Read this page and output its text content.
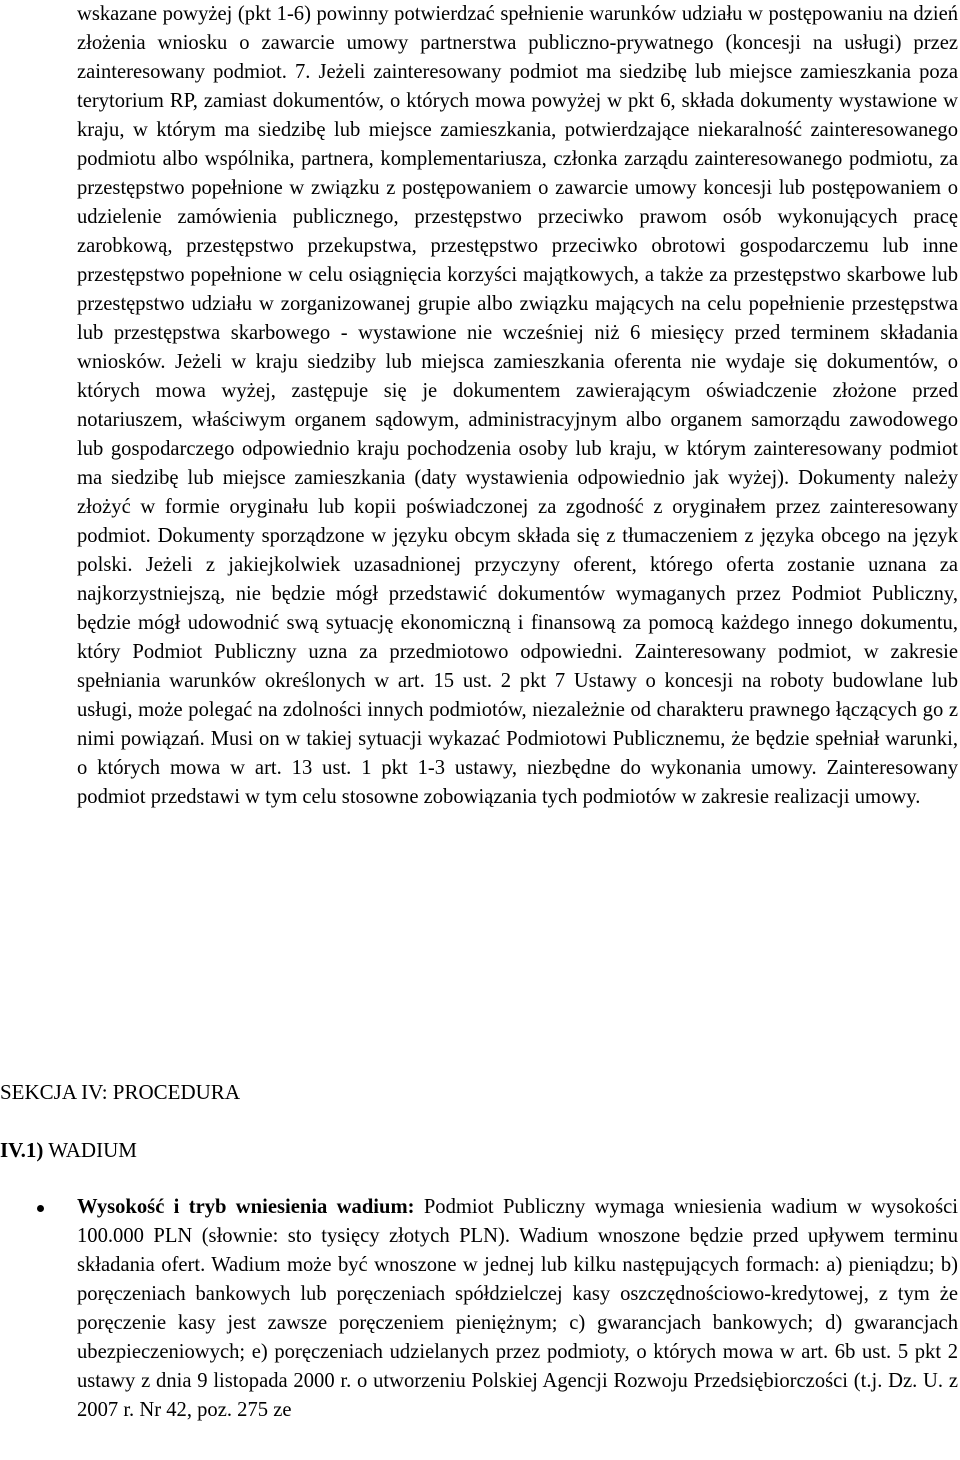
wskazane powyżej (pkt 1-6) powinny potwierdzać spełnienie warunków udziału w postępowaniu na dzień złożenia wniosku o zawarcie umowy partnerstwa publiczno-prywatnego (koncesji na usługi) przez zainteresowany podmiot. 7. Jeżeli zainteresowany podmiot ma siedzibę lub miejsce zamieszkania poza terytorium RP, zamiast dokumentów, o których mowa powyżej w pkt 6, składa dokumenty wystawione w kraju, w którym ma siedzibę lub miejsce zamieszkania, potwierdzające niekaralność zainteresowanego podmiotu albo wspólnika, partnera, komplementariusza, członka zarządu zainteresowanego podmiotu, za przestępstwo popełnione w związku z postępowaniem o zawarcie umowy koncesji lub postępowaniem o udzielenie zamówienia publicznego, przestępstwo przeciwko prawom osób wykonujących pracę zarobkową, przestępstwo przekupstwa, przestępstwo przeciwko obrotowi gospodarczemu lub inne przestępstwo popełnione w celu osiągnięcia korzyści majątkowych, a także za przestępstwo skarbowe lub przestępstwo udziału w zorganizowanej grupie albo związku mających na celu popełnienie przestępstwa lub przestępstwa skarbowego - wystawione nie wcześniej niż 6 miesięcy przed terminem składania wniosków. Jeżeli w kraju siedziby lub miejsca zamieszkania oferenta nie wydaje się dokumentów, o których mowa wyżej, zastępuje się je dokumentem zawierającym oświadczenie złożone przed notariuszem, właściwym organem sądowym, administracyjnym albo organem samorządu zawodowego lub gospodarczego odpowiednio kraju pochodzenia osoby lub kraju, w którym zainteresowany podmiot ma siedzibę lub miejsce zamieszkania (daty wystawienia odpowiednio jak wyżej). Dokumenty należy złożyć w formie oryginału lub kopii poświadczonej za zgodność z oryginałem przez zainteresowany podmiot. Dokumenty sporządzone w języku obcym składa się z tłumaczeniem z języka obcego na język polski. Jeżeli z jakiejkolwiek uzasadnionej przyczyny oferent, którego oferta zostanie uznana za najkorzystniejszą, nie będzie mógł przedstawić dokumentów wymaganych przez Podmiot Publiczny, będzie mógł udowodnić swą sytuację ekonomiczną i finansową za pomocą każdego innego dokumentu, który Podmiot Publiczny uzna za przedmiotowo odpowiedni. Zainteresowany podmiot, w zakresie spełniania warunków określonych w art. 15 ust. 2 pkt 7 Ustawy o koncesji na roboty budowlane lub usługi, może polegać na zdolności innych podmiotów, niezależnie od charakteru prawnego łączących go z nimi powiązań. Musi on w takiej sytuacji wykazać Podmiotowi Publicznemu, że będzie spełniał warunki, o których mowa w art. 13 ust. 1 pkt 1-3 ustawy, niezbędne do wykonania umowy. Zainteresowany podmiot przedstawi w tym celu stosowne zobowiązania tych podmiotów w zakresie realizacji umowy.

SEKCJA IV: PROCEDURA
IV.1) WADIUM

Wysokość i tryb wniesienia wadium: Podmiot Publiczny wymaga wniesienia wadium w wysokości 100.000 PLN (słownie: sto tysięcy złotych PLN). Wadium wnoszone będzie przed upływem terminu składania ofert. Wadium może być wnoszone w jednej lub kilku następujących formach: a) pieniądzu; b) poręczeniach bankowych lub poręczeniach spółdzielczej kasy oszczędnościowo-kredytowej, z tym że poręczenie kasy jest zawsze poręczeniem pieniężnym; c) gwarancjach bankowych; d) gwarancjach ubezpieczeniowych; e) poręczeniach udzielanych przez podmioty, o których mowa w art. 6b ust. 5 pkt 2 ustawy z dnia 9 listopada 2000 r. o utworzeniu Polskiej Agencji Rozwoju Przedsiębiorczości (t.j. Dz. U. z 2007 r. Nr 42, poz. 275 ze
